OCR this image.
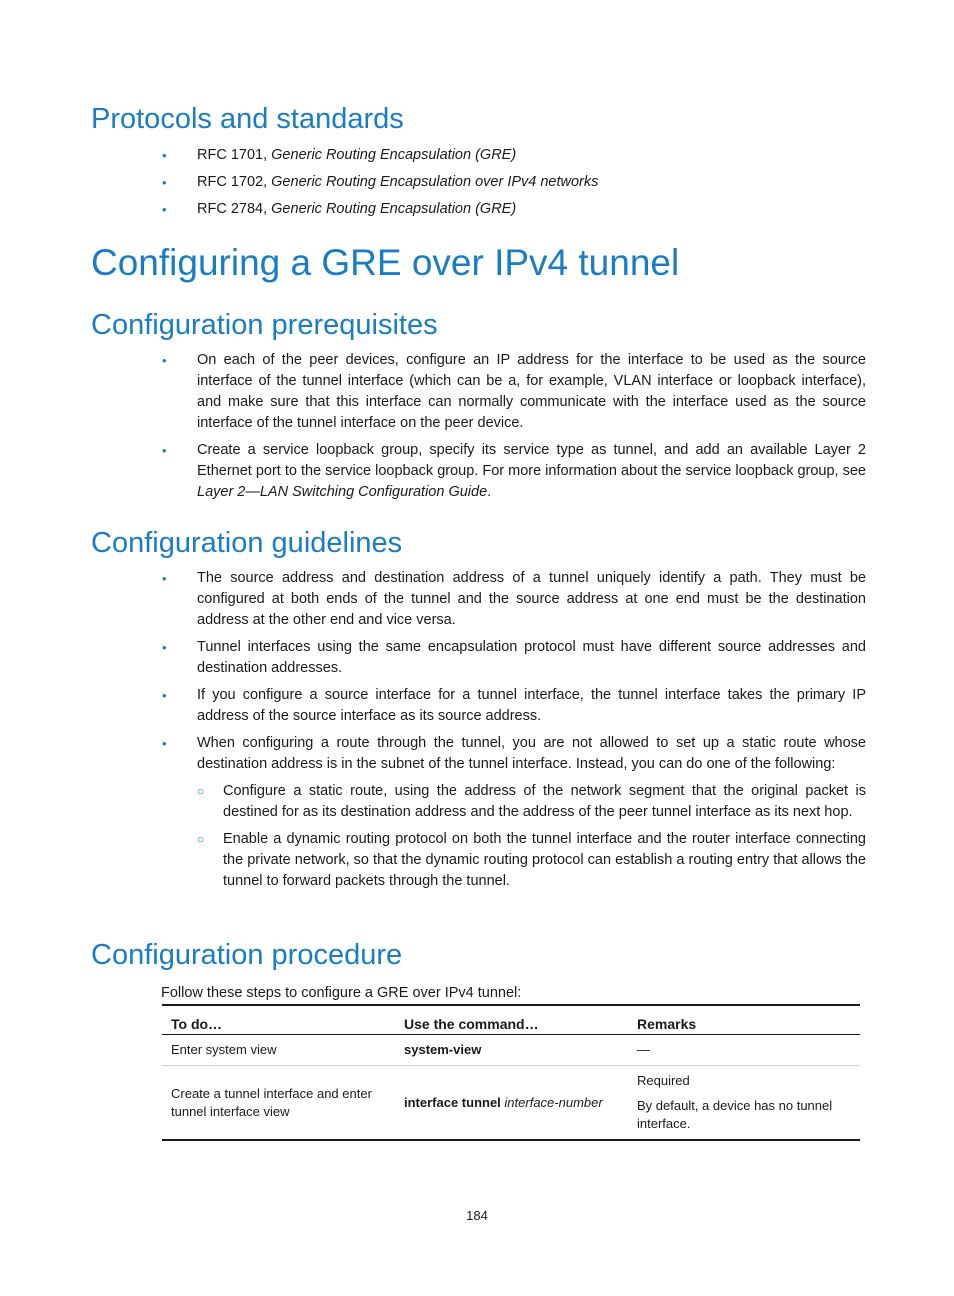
Protocols and standards
• RFC 1701, Generic Routing Encapsulation (GRE)
• RFC 1702, Generic Routing Encapsulation over IPv4 networks
• RFC 2784, Generic Routing Encapsulation (GRE)
Configuring a GRE over IPv4 tunnel
Configuration prerequisites
• On each of the peer devices, configure an IP address for the interface to be used as the source interface of the tunnel interface (which can be a, for example, VLAN interface or loopback interface), and make sure that this interface can normally communicate with the interface used as the source interface of the tunnel interface on the peer device.
• Create a service loopback group, specify its service type as tunnel, and add an available Layer 2 Ethernet port to the service loopback group. For more information about the service loopback group, see Layer 2—LAN Switching Configuration Guide.
Configuration guidelines
• The source address and destination address of a tunnel uniquely identify a path. They must be configured at both ends of the tunnel and the source address at one end must be the destination address at the other end and vice versa.
• Tunnel interfaces using the same encapsulation protocol must have different source addresses and destination addresses.
• If you configure a source interface for a tunnel interface, the tunnel interface takes the primary IP address of the source interface as its source address.
• When configuring a route through the tunnel, you are not allowed to set up a static route whose destination address is in the subnet of the tunnel interface. Instead, you can do one of the following:
○ Configure a static route, using the address of the network segment that the original packet is destined for as its destination address and the address of the peer tunnel interface as its next hop.
○ Enable a dynamic routing protocol on both the tunnel interface and the router interface connecting the private network, so that the dynamic routing protocol can establish a routing entry that allows the tunnel to forward packets through the tunnel.
Configuration procedure

Follow these steps to configure a GRE over IPv4 tunnel:

To do…	Use the command…	Remarks
Enter system view	system-view	—

Create a tunnel interface and enter tunnel interface view	interface tunnel interface-number	Required

By default, a device has no tunnel interface.

184
